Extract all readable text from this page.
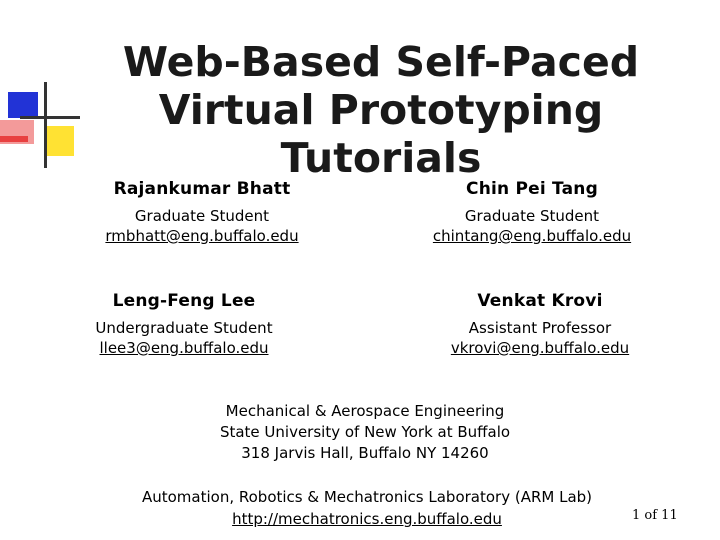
Web-Based Self-Paced Virtual Prototyping Tutorials
Rajankumar Bhatt
Graduate Student
rmbhatt@eng.buffalo.edu
Chin Pei Tang
Graduate Student
chintang@eng.buffalo.edu
Leng-Feng Lee
Undergraduate Student
llee3@eng.buffalo.edu
Venkat Krovi
Assistant Professor
vkrovi@eng.buffalo.edu
Mechanical & Aerospace Engineering
State University of New York at Buffalo
318 Jarvis Hall, Buffalo NY 14260
Automation, Robotics & Mechatronics Laboratory (ARM Lab)
http://mechatronics.eng.buffalo.edu	1 of 11
